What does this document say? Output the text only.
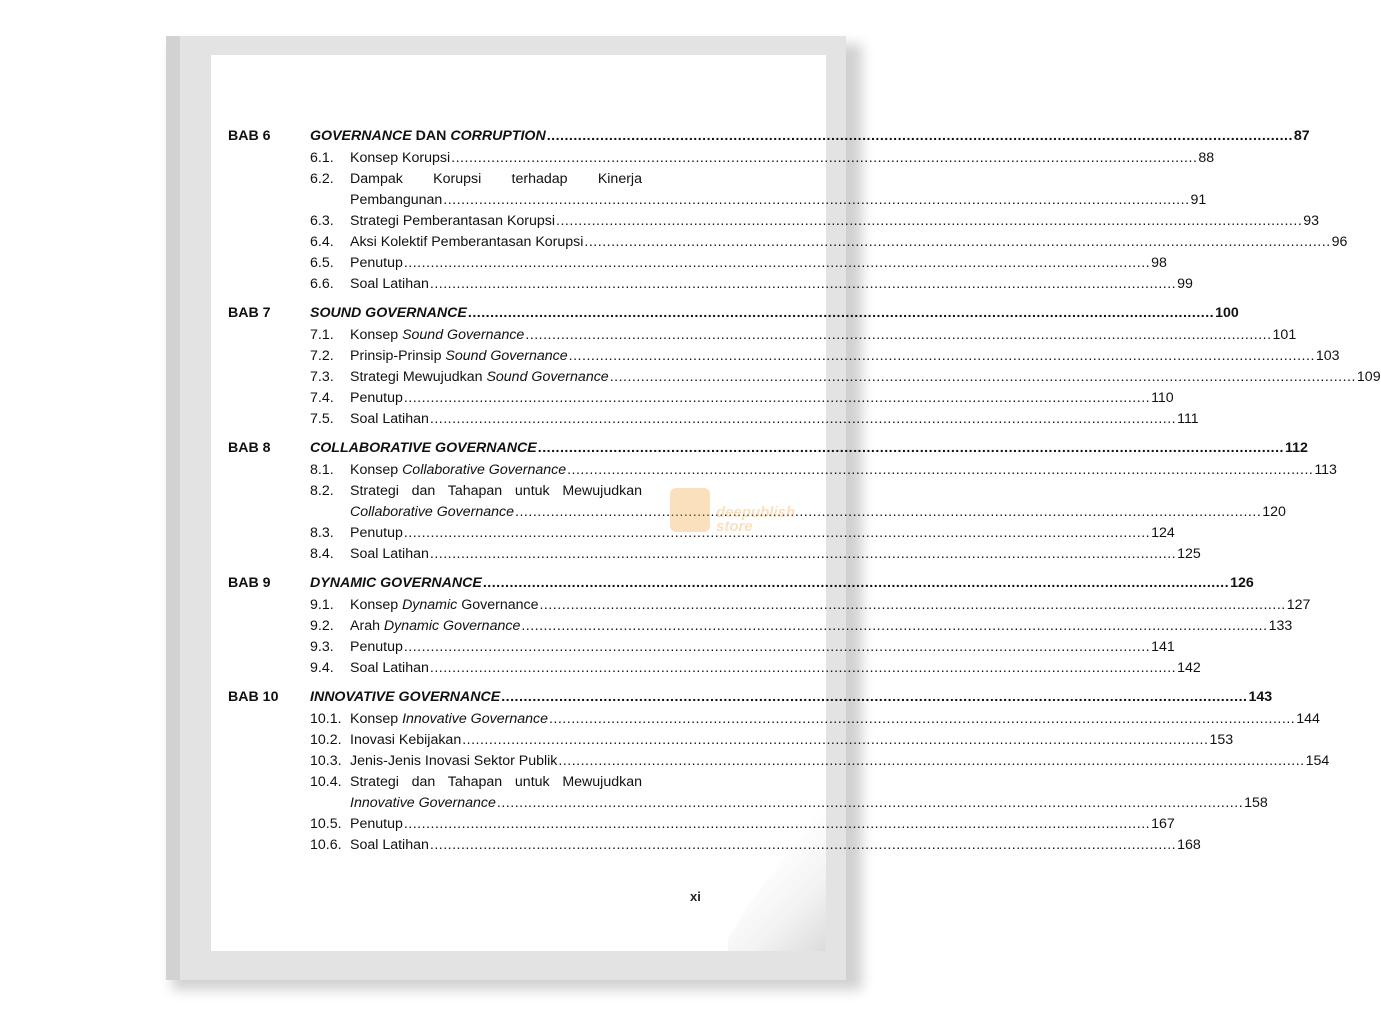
BAB 6	GOVERNANCE DAN CORRUPTION .....	87
6.1.	Konsep Korupsi .....	88
6.2.	Dampak Korupsi terhadap Kinerja
Pembangunan .....	91
6.3.	Strategi Pemberantasan Korupsi .....	93
6.4.	Aksi Kolektif Pemberantasan Korupsi .....	96
6.5.	Penutup .....	98
6.6.	Soal Latihan .....	99
BAB 7	SOUND GOVERNANCE .....	100
7.1.	Konsep Sound Governance .....	101
7.2.	Prinsip-Prinsip Sound Governance .....	103
7.3.	Strategi Mewujudkan Sound Governance .....	109
7.4.	Penutup .....	110
7.5.	Soal Latihan .....	111
BAB 8	COLLABORATIVE GOVERNANCE .....	112
8.1.	Konsep Collaborative Governance .....	113
8.2.	Strategi dan Tahapan untuk Mewujudkan
Collaborative Governance .....	120
8.3.	Penutup .....	124
8.4.	Soal Latihan .....	125
BAB 9	DYNAMIC GOVERNANCE .....	126
9.1.	Konsep Dynamic Governance .....	127
9.2.	Arah Dynamic Governance .....	133
9.3.	Penutup .....	141
9.4.	Soal Latihan .....	142
BAB 10	INNOVATIVE GOVERNANCE .....	143
10.1. Konsep Innovative Governance .....	144
10.2. Inovasi Kebijakan .....	153
10.3. Jenis-Jenis Inovasi Sektor Publik .....	154
10.4. Strategi dan Tahapan untuk Mewujudkan
Innovative Governance .....	158
10.5. Penutup .....	167
10.6. Soal Latihan .....	168
xi
deepublish
store
